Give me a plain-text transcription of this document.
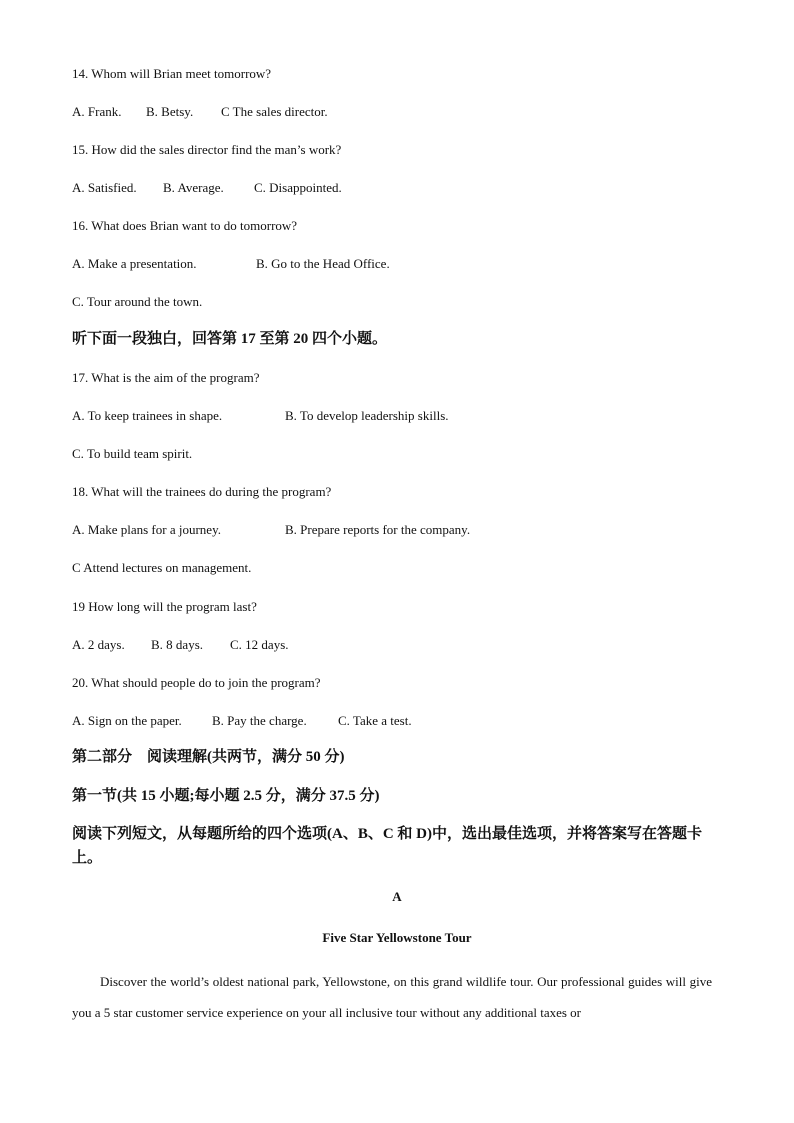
14. Whom will Brian meet tomorrow?
A. Frank. B. Betsy. C The sales director.
15. How did the sales director find the man’s work?
A. Satisfied. B. Average. C. Disappointed.
16. What does Brian want to do tomorrow?
A. Make a presentation.	B. Go to the Head Office.
C. Tour around the town.
听下面一段独白，回答第 17 至第 20 四个小题。
17. What is the aim of the program?
A. To keep trainees in shape.	B. To develop leadership skills.
C. To build team spirit.
18. What will the trainees do during the program?
A. Make plans for a journey.	B. Prepare reports for the company.
C Attend lectures on management.
19 How long will the program last?
A. 2 days. B. 8 days. C. 12 days.
20. What should people do to join the program?
A. Sign on the paper. B. Pay the charge. C. Take a test.
第二部分　阅读理解(共两节，满分 50 分)
第一节(共 15 小题;每小题 2.5 分，满分 37.5 分)
阅读下列短文，从每题所给的四个选项(A、B、C 和 D)中，选出最佳选项，并将答案写在答题卡上。
A
Five Star Yellowstone Tour
Discover the world’s oldest national park, Yellowstone, on this grand wildlife tour. Our professional guides will give you a 5 star customer service experience on your all inclusive tour without any additional taxes or
